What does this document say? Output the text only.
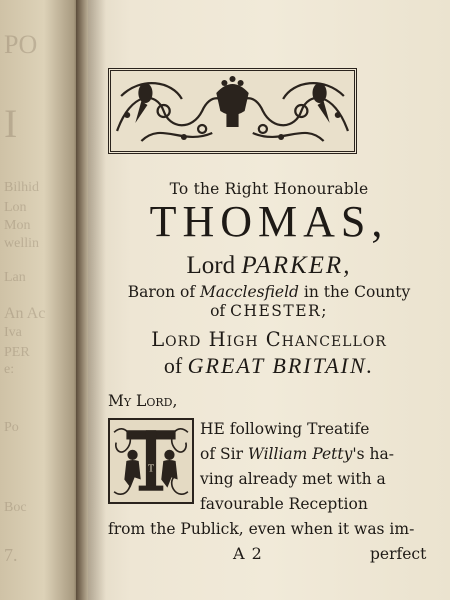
PO
I
Bilhid
Lon
Mon
wellin
Lan
An Ac
Iva
PER
e:
Po
Boc
7.
To the Right Honourable
THOMAS,
Lord PARKER,
Baron of Macclesfield in the County
of CHESTER;
Lord High Chancellor
of GREAT BRITAIN.
My Lord,
T
HE following Treatife
of Sir William Petty's ha-
ving already met with a
favourable Reception
from the Publick, even when it was im-
A 2	perfect
